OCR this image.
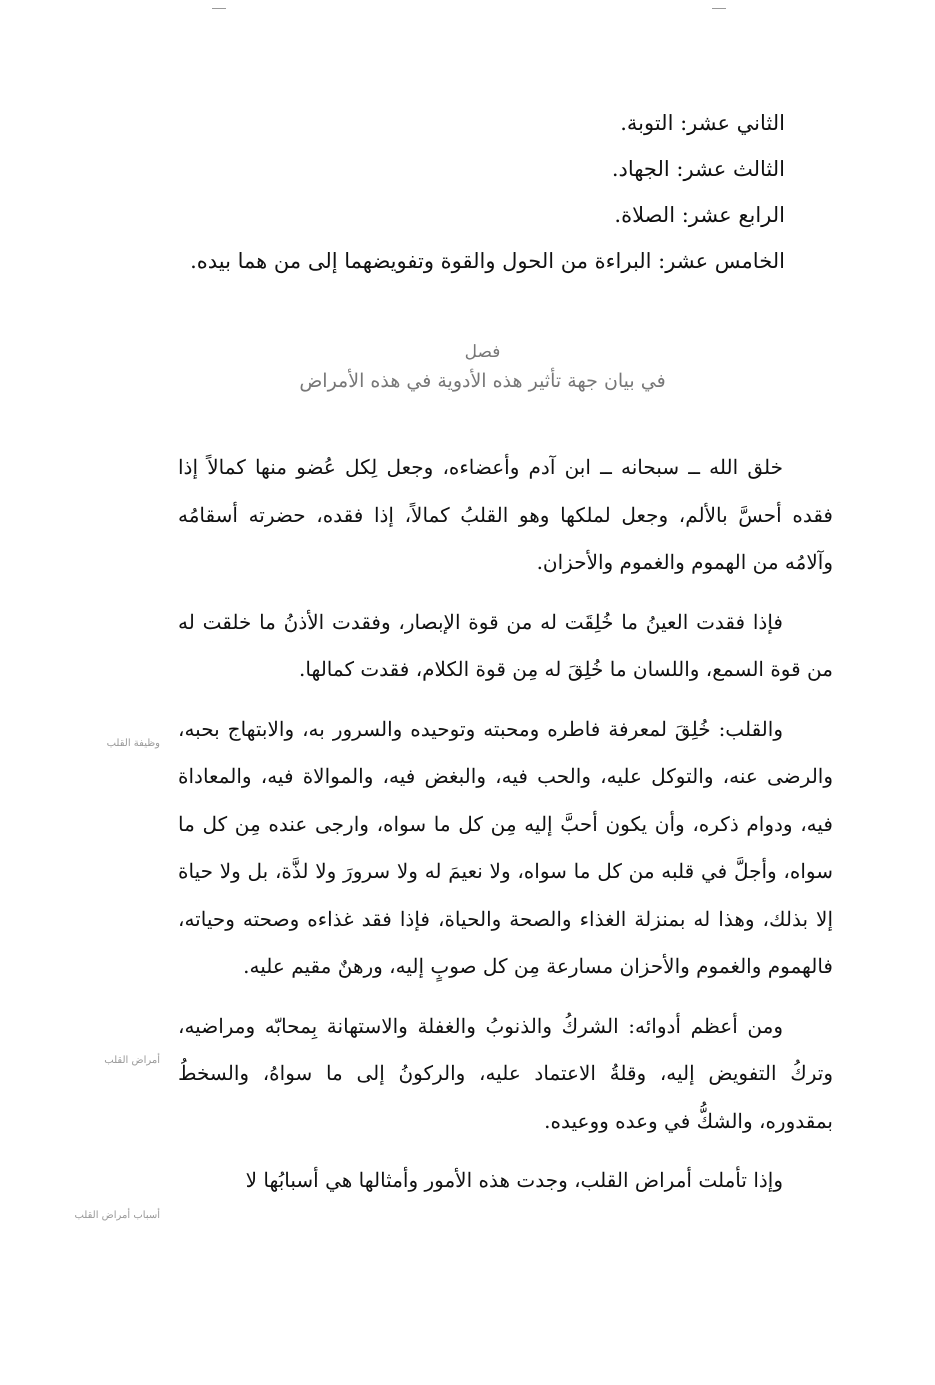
الثاني عشر: التوبة.
الثالث عشر: الجهاد.
الرابع عشر: الصلاة.
الخامس عشر: البراءة من الحول والقوة وتفويضهما إلى من هما بيده.
فصل
في بيان جهة تأثير هذه الأدوية في هذه الأمراض

خلق الله ــ سبحانه ــ ابن آدم وأعضاءه، وجعل لِكل عُضو منها كمالاً إذا فقده أحسَّ بالألم، وجعل لملكها وهو القلبُ كمالاً، إذا فقده، حضرته أسقامُه وآلامُه من الهموم والغموم والأحزان.

فإذا فقدت العينُ ما خُلِقَت له من قوة الإبصار، وفقدت الأذنُ ما خلقت له من قوة السمع، واللسان ما خُلِقَ له مِن قوة الكلام، فقدت كمالها.

والقلب: خُلِقَ لمعرفة فاطره ومحبته وتوحيده والسرور به، والابتهاج بحبه، والرضى عنه، والتوكل عليه، والحب فيه، والبغض فيه، والموالاة فيه، والمعاداة فيه، ودوام ذكره، وأن يكون أحبَّ إليه مِن كل ما سواه، وارجى عنده مِن كل ما سواه، وأجلَّ في قلبه من كل ما سواه، ولا نعيمَ له ولا سرورَ ولا لذَّة، بل ولا حياة إلا بذلك، وهذا له بمنزلة الغذاء والصحة والحياة، فإذا فقد غذاءه وصحته وحياته، فالهموم والغموم والأحزان مسارعة مِن كل صوبٍ إليه، ورهنٌ مقيم عليه.

ومن أعظم أدوائه: الشركُ والذنوبُ والغفلة والاستهانة بِمحابّه ومراضيه، وتركُ التفويض إليه، وقلةُ الاعتماد عليه، والركونُ إلى ما سواهُ، والسخطُ بمقدوره، والشكُّ في وعده ووعيده.

وإذا تأملت أمراض القلب، وجدت هذه الأمور وأمثالها هي أسبابُها لا

وظيفة القلب
أمراض القلب
أسباب أمراض القلب
